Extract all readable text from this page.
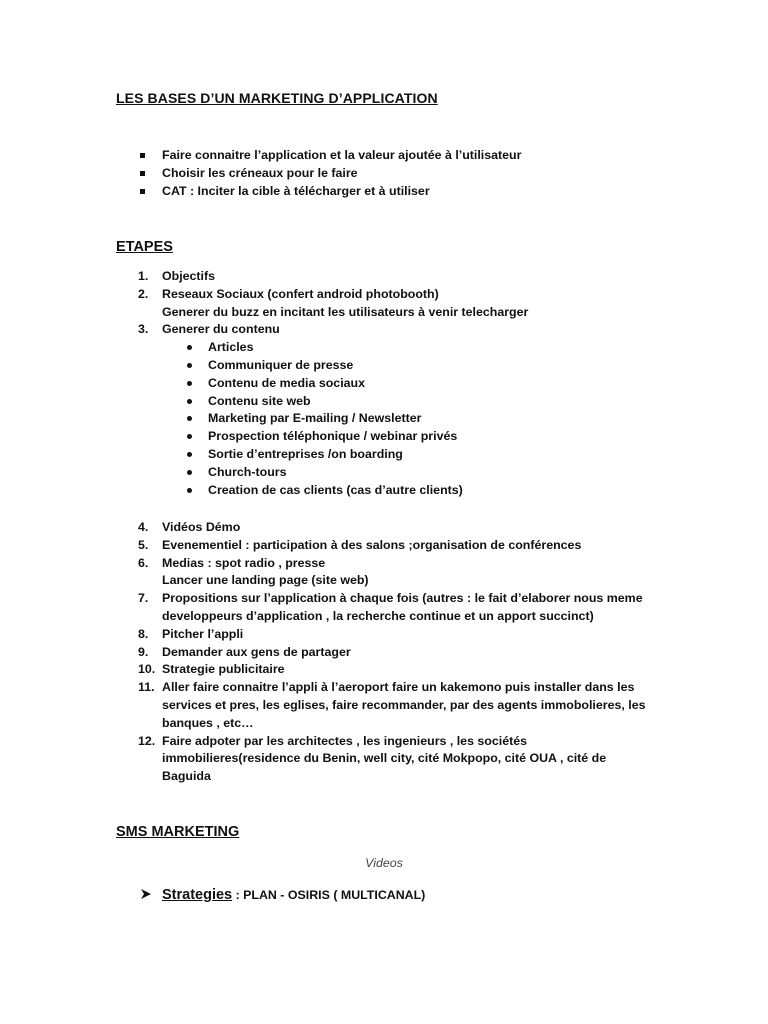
LES BASES D’UN MARKETING D’APPLICATION
Faire connaitre l’application et la valeur ajoutée à l’utilisateur
Choisir les créneaux pour le faire
CAT : Inciter la cible à télécharger et à utiliser
ETAPES
1. Objectifs
2. Reseaux Sociaux (confert android photobooth)
Generer du buzz en incitant les utilisateurs à venir telecharger
3. Generer du contenu
Articles
Communiquer de presse
Contenu de media sociaux
Contenu site web
Marketing par E-mailing / Newsletter
Prospection téléphonique / webinar privés
Sortie d’entreprises /on boarding
Church-tours
Creation de cas clients (cas d’autre clients)
4. Vidéos Démo
5. Evenementiel : participation à des salons ;organisation de conférences
6. Medias : spot radio , presse
Lancer une landing page (site web)
7. Propositions sur l’application à chaque fois (autres : le fait d’elaborer nous meme
developpeurs d’application , la recherche continue et un apport succinct)
8. Pitcher l’appli
9. Demander aux gens de partager
10. Strategie publicitaire
11. Aller faire connaitre l’appli à l’aeroport faire un kakemono puis installer dans les
services et pres, les eglises, faire recommander, par des agents immobolieres, les
banques , etc…
12. Faire adpoter par les architectes , les ingenieurs , les sociétés
immobilieres(residence du Benin, well city, cité Mokpopo, cité OUA , cité de
Baguida
SMS MARKETING
Videos
Strategies : PLAN - OSIRIS ( MULTICANAL)
